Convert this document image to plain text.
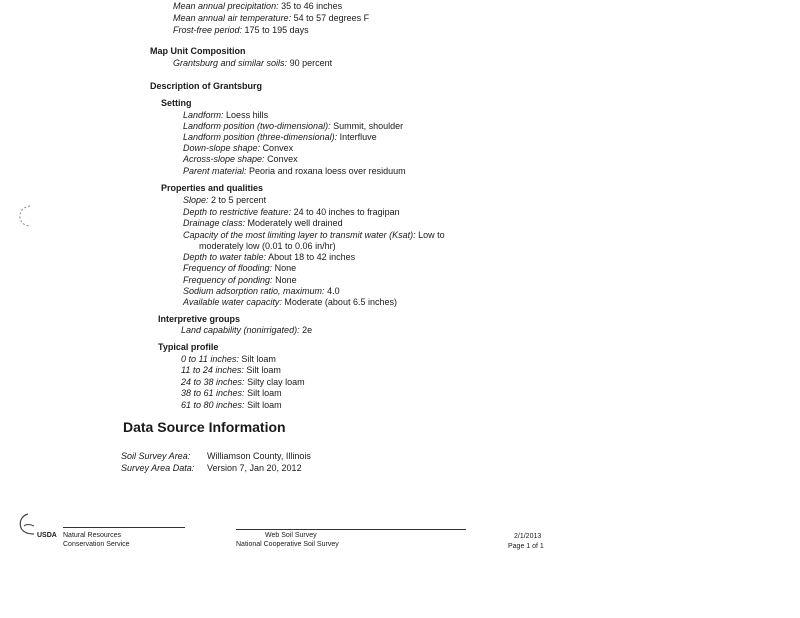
Mean annual precipitation: 35 to 46 inches
Mean annual air temperature: 54 to 57 degrees F
Frost-free period: 175 to 195 days
Map Unit Composition
Grantsburg and similar soils: 90 percent
Description of Grantsburg
Setting
Landform: Loess hills
Landform position (two-dimensional): Summit, shoulder
Landform position (three-dimensional): Interfluve
Down-slope shape: Convex
Across-slope shape: Convex
Parent material: Peoria and roxana loess over residuum
Properties and qualities
Slope: 2 to 5 percent
Depth to restrictive feature: 24 to 40 inches to fragipan
Drainage class: Moderately well drained
Capacity of the most limiting layer to transmit water (Ksat): Low to
moderately low (0.01 to 0.06 in/hr)
Depth to water table: About 18 to 42 inches
Frequency of flooding: None
Frequency of ponding: None
Sodium adsorption ratio, maximum: 4.0
Available water capacity: Moderate (about 6.5 inches)
Interpretive groups
Land capability (nonirrigated): 2e
Typical profile
0 to 11 inches: Silt loam
11 to 24 inches: Silt loam
24 to 38 inches: Silty clay loam
38 to 61 inches: Silt loam
61 to 80 inches: Silt loam
Data Source Information
Soil Survey Area: Williamson County, Illinois
Survey Area Data: Version 7, Jan 20, 2012
USDA Natural Resources
Conservation Service
Web Soil Survey
National Cooperative Soil Survey
2/1/2013
Page 1 of 1
